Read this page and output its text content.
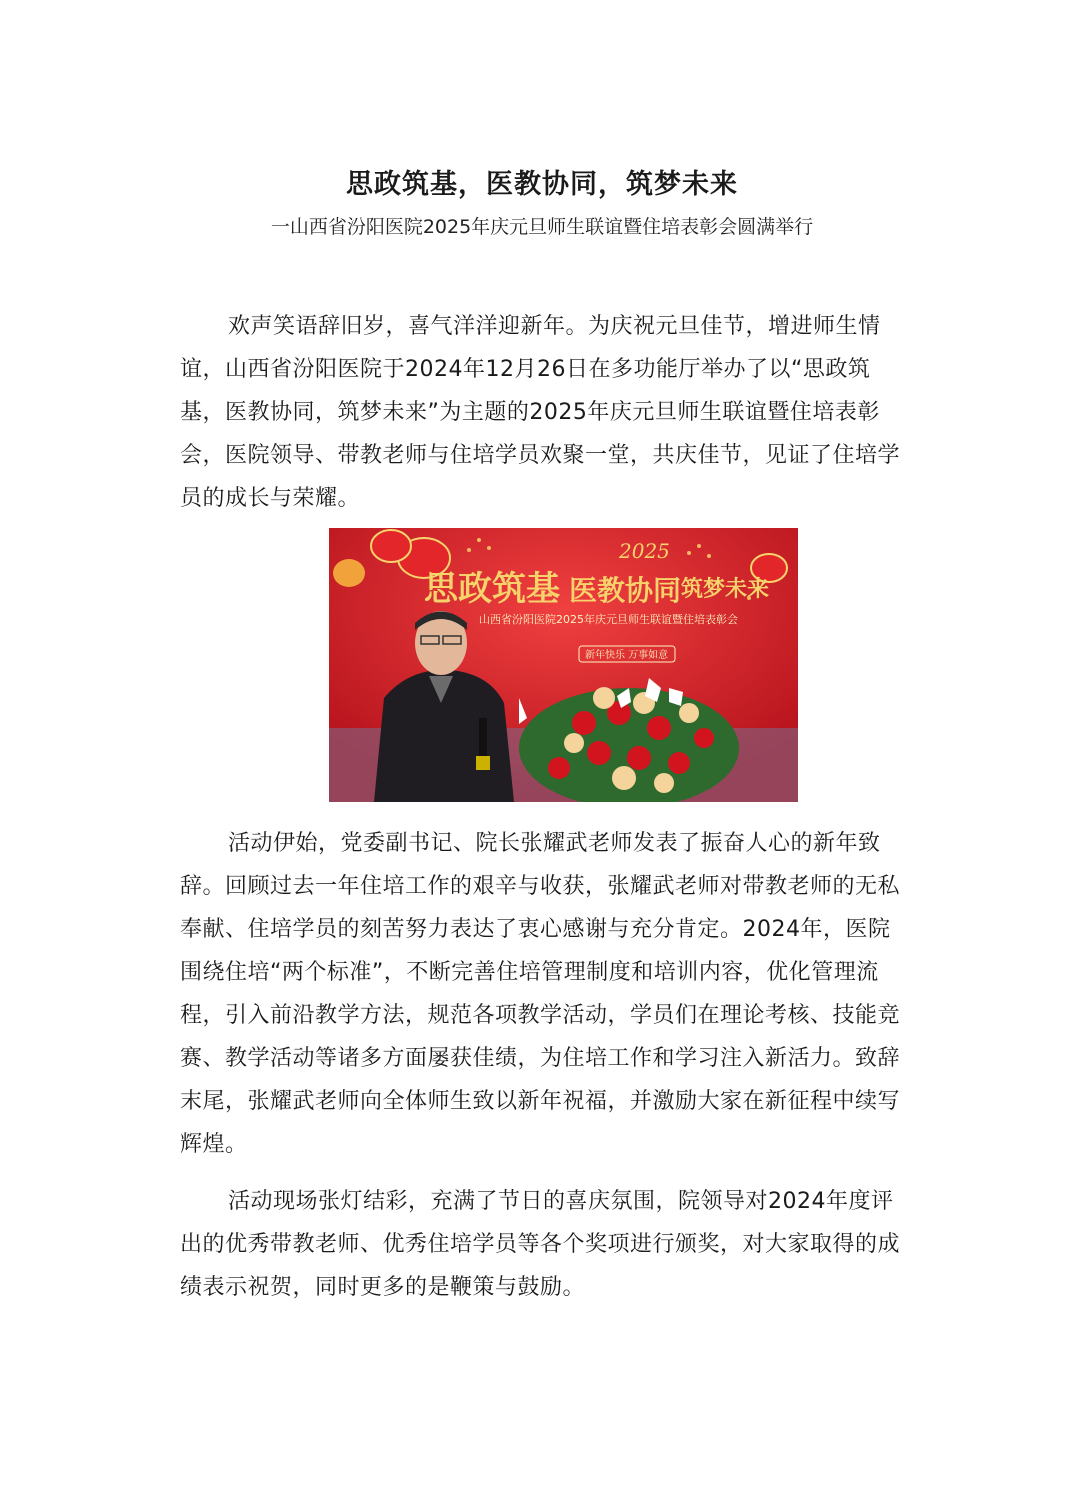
思政筑基，医教协同，筑梦未来
一山西省汾阳医院2025年庆元旦师生联谊暨住培表彰会圆满举行

欢声笑语辞旧岁，喜气洋洋迎新年。为庆祝元旦佳节，增进师生情谊，山西省汾阳医院于2024年12月26日在多功能厅举办了以“思政筑基，医教协同，筑梦未来”为主题的2025年庆元旦师生联谊暨住培表彰会，医院领导、带教老师与住培学员欢聚一堂，共庆佳节，见证了住培学员的成长与荣耀。

2025
思政筑基 医教协同 筑梦未来
山西省汾阳医院2025年庆元旦师生联谊暨住培表彰会
新年快乐 万事如意

活动伊始，党委副书记、院长张耀武老师发表了振奋人心的新年致辞。回顾过去一年住培工作的艰辛与收获，张耀武老师对带教老师的无私奉献、住培学员的刻苦努力表达了衷心感谢与充分肯定。2024年，医院围绕住培“两个标准”，不断完善住培管理制度和培训内容，优化管理流程，引入前沿教学方法，规范各项教学活动，学员们在理论考核、技能竞赛、教学活动等诸多方面屡获佳绩，为住培工作和学习注入新活力。致辞末尾，张耀武老师向全体师生致以新年祝福，并激励大家在新征程中续写辉煌。

活动现场张灯结彩，充满了节日的喜庆氛围，院领导对2024年度评出的优秀带教老师、优秀住培学员等各个奖项进行颁奖，对大家取得的成绩表示祝贺，同时更多的是鞭策与鼓励。
